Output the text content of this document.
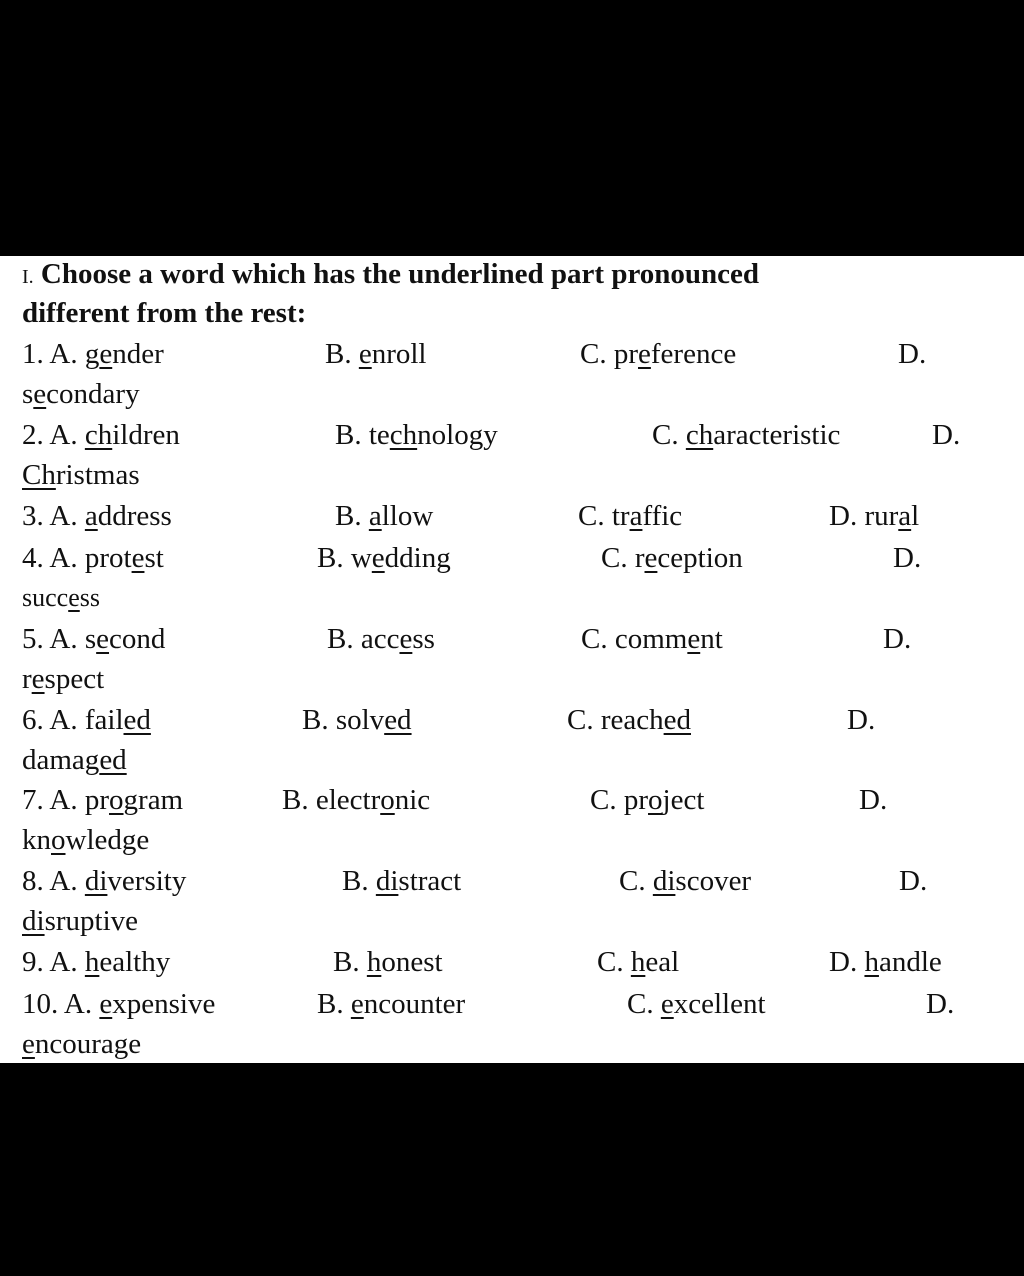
I. Choose a word which has the underlined part pronounced
different from the rest:
1. A. gender	B. enroll	C. preference	D.
secondary
2. A. children	B. technology	C. characteristic	D.
Christmas
3. A. address	B. allow	C. traffic	D. rural
4. A. protest	B. wedding	C. reception	D.
success
5. A. second	B. access	C. comment	D.
respect
6. A. failed	B. solved	C. reached	D.
damaged
7. A. program	B. electronic	C. project	D.
knowledge
8. A. diversity	B. distract	C. discover	D.
disruptive
9. A. healthy	B. honest	C. heal	D. handle
10. A. expensive	B. encounter	C. excellent	D.
encourage
